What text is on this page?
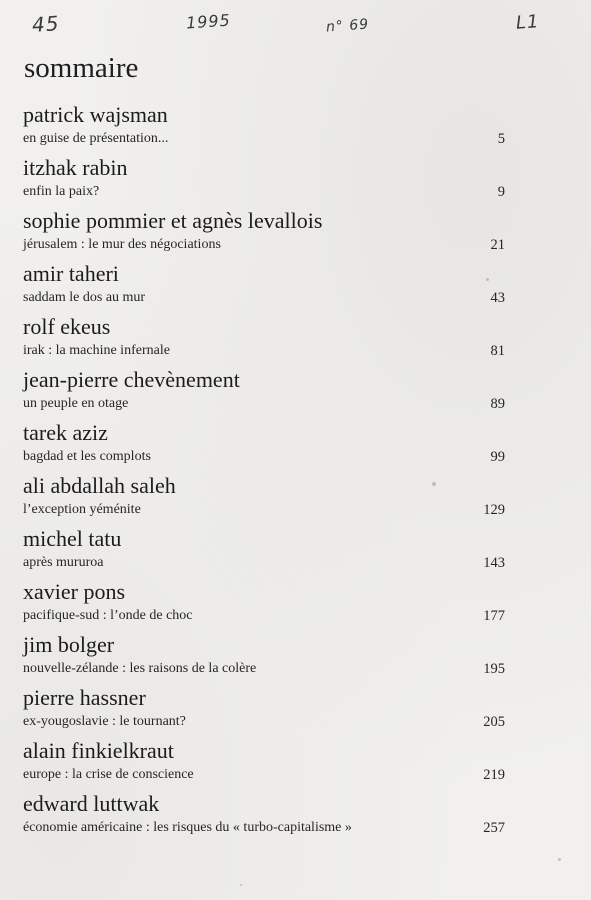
45	1995	n° 69	L1
sommaire
patrick wajsman
en guise de présentation...	5
itzhak rabin
enfin la paix?	9
sophie pommier et agnès levallois
jérusalem : le mur des négociations	21
amir taheri
saddam le dos au mur	43
rolf ekeus
irak : la machine infernale	81
jean-pierre chevènement
un peuple en otage	89
tarek aziz
bagdad et les complots	99
ali abdallah saleh
l’exception yéménite	129
michel tatu
après mururoa	143
xavier pons
pacifique-sud : l’onde de choc	177
jim bolger
nouvelle-zélande : les raisons de la colère	195
pierre hassner
ex-yougoslavie : le tournant?	205
alain finkielkraut
europe : la crise de conscience	219
edward luttwak
économie américaine : les risques du « turbo-capitalisme »	257
